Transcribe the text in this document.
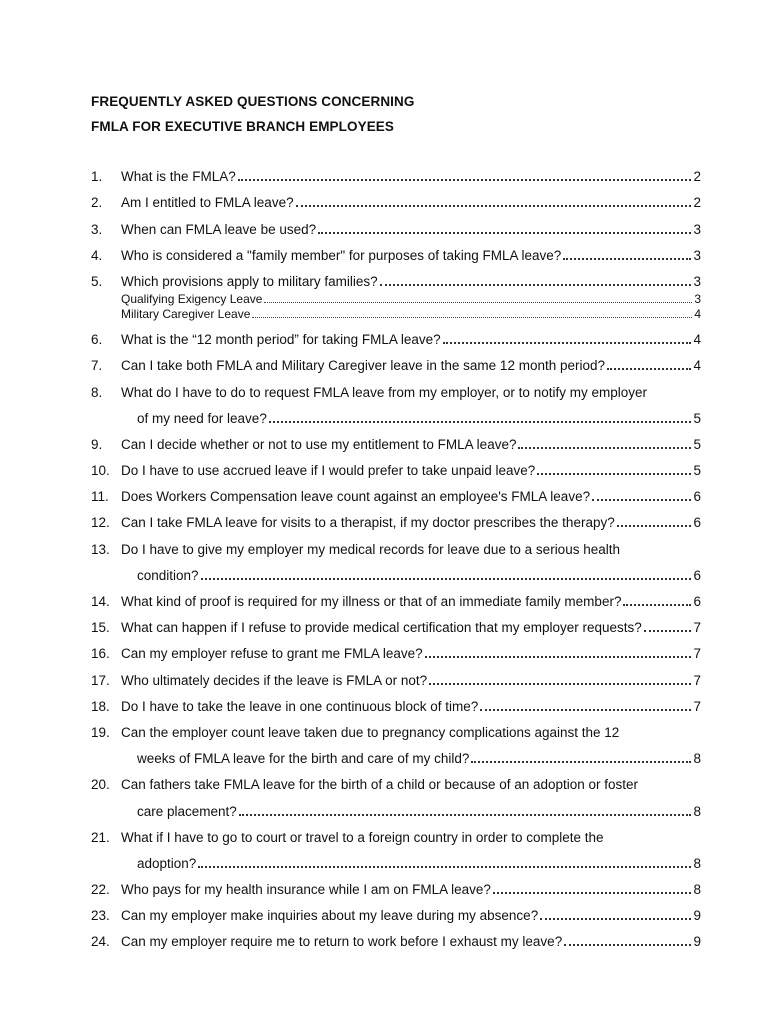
FREQUENTLY ASKED QUESTIONS CONCERNING
FMLA FOR EXECUTIVE BRANCH EMPLOYEES
1.	What is the FMLA?	2
2.	Am I entitled to FMLA leave?	2
3.	When can FMLA leave be used?	3
4.	Who is considered a "family member" for purposes of taking FMLA leave?	3
5.	Which provisions apply to military families?	3
Qualifying Exigency Leave	3
Military Caregiver Leave	4
6.	What is the “12 month period” for taking FMLA leave?	4
7.	Can I take both FMLA and Military Caregiver leave in the same 12 month period?	4
8.	What do I have to do to request FMLA leave from my employer, or to notify my employer
of my need for leave?	5
9.	Can I decide whether or not to use my entitlement to FMLA leave?	5
10. Do I have to use accrued leave if I would prefer to take unpaid leave?	5
11. Does Workers Compensation leave count against an employee's FMLA leave?	6
12. Can I take FMLA leave for visits to a therapist, if my doctor prescribes the therapy?	6
13. Do I have to give my employer my medical records for leave due to a serious health
condition?	6
14. What kind of proof is required for my illness or that of an immediate family member?	6
15. What can happen if I refuse to provide medical certification that my employer requests?	7
16. Can my employer refuse to grant me FMLA leave?	7
17. Who ultimately decides if the leave is FMLA or not?	7
18. Do I have to take the leave in one continuous block of time?	7
19. Can the employer count leave taken due to pregnancy complications against the 12
weeks of FMLA leave for the birth and care of my child?	8
20. Can fathers take FMLA leave for the birth of a child or because of an adoption or foster
care placement?	8
21. What if I have to go to court or travel to a foreign country in order to complete the
adoption?	8
22. Who pays for my health insurance while I am on FMLA leave?	8
23. Can my employer make inquiries about my leave during my absence?	9
24. Can my employer require me to return to work before I exhaust my leave?	9
